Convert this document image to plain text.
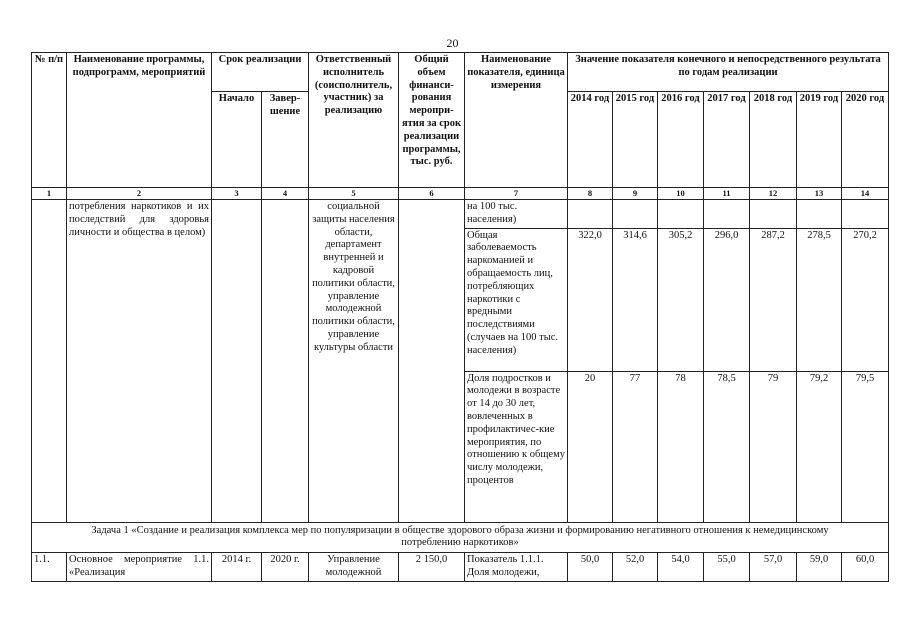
20
№ п/п	Наименование программы, подпрограмм, мероприятий	Срок реализации		Ответственный исполнитель (соисполнитель, участник) за реализацию	Общий объем финанси-рования меропри-ятия за срок реализации программы, тыс. руб.	Наименование показателя, единица измерения	Значение показателя конечного и непосредственного результата по годам реализации						
		Начало	Завер-шение				2014 год	2015 год	2016 год	2017 год	2018 год	2019 год	2020 год
1	2	3	4	5	6	7	8	9	10	11	12	13	14
	потребления наркотиков и их последствий для здоровья личности и общества в целом)			социальной защиты населения области, департамент внутренней и кадровой политики области, управление молодежной политики области, управление культуры области		на 100 тыс. населения)							
						Общая заболеваемость наркоманией и обращаемость лиц, потребляющих наркотики с вредными последствиями (случаев на 100 тыс. населения)	322,0	314,6	305,2	296,0	287,2	278,5	270,2
						Доля подростков и молодежи в возрасте от 14 до 30 лет, вовлеченных в профилактичес-кие мероприятия, по отношению к общему числу молодежи, процентов	20	77	78	78,5	79	79,2	79,5
Задача 1 «Создание и реализация комплекса мер по популяризации в обществе здорового образа жизни и формированию негативного отношения к немедицинскому потреблению наркотиков»													
1.1.	Основное мероприятие 1.1. «Реализация	2014 г.	2020 г.	Управление молодежной	2 150,0	Показатель 1.1.1. Доля молодежи,	50,0	52,0	54,0	55,0	57,0	59,0	60,0
